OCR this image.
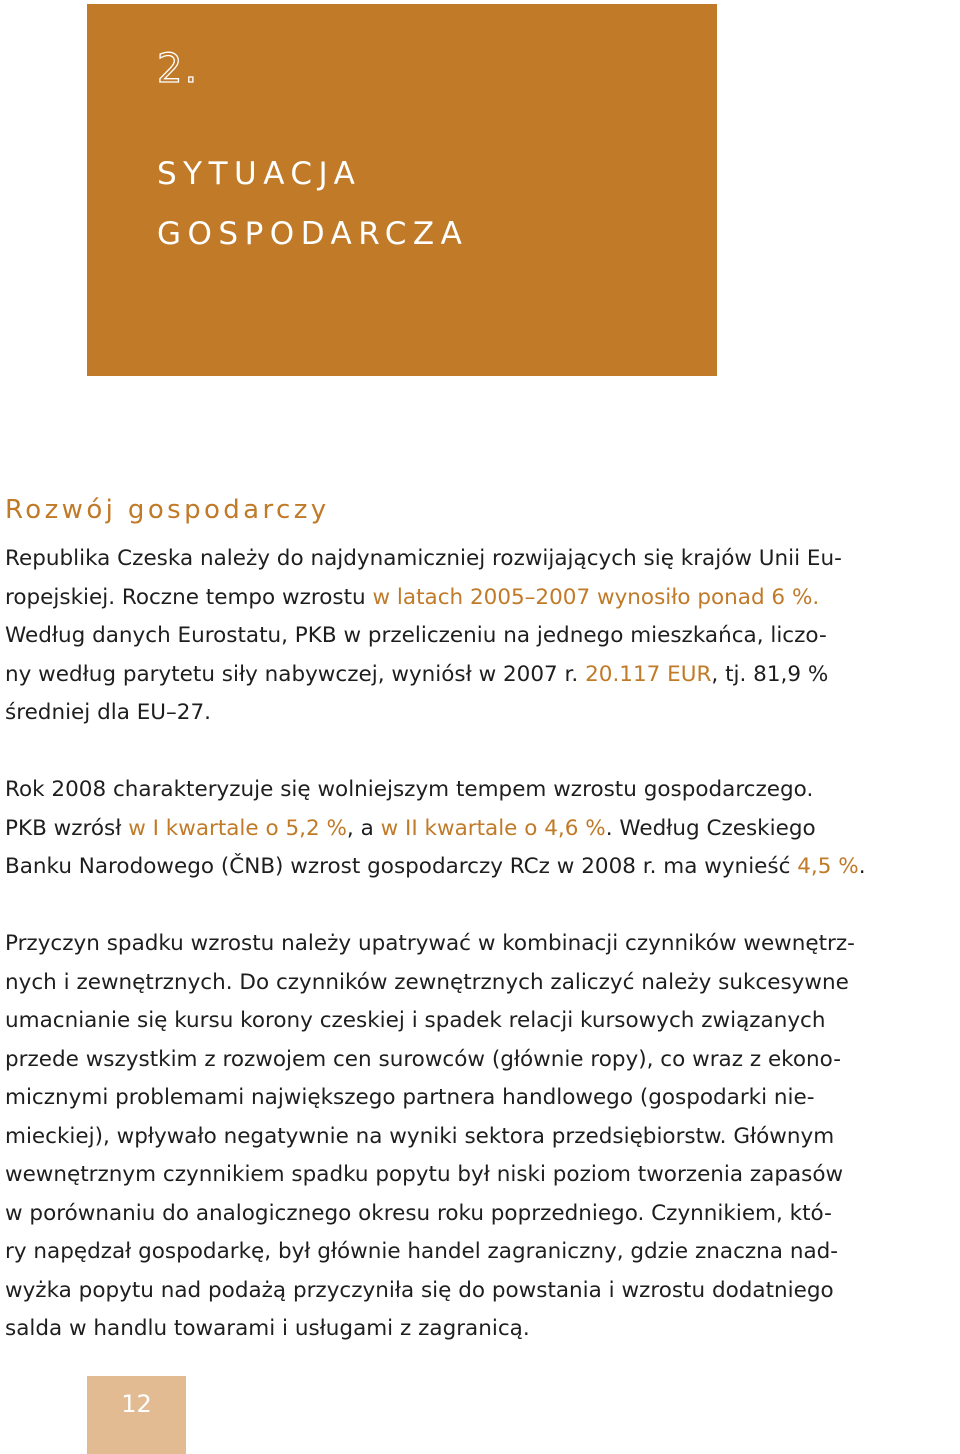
2.
SYTUACJA
GOSPODARCZA
Rozwój gospodarczy

Republika Czeska należy do najdynamiczniej rozwijających się krajów Unii Eu-

ropejskiej. Roczne tempo wzrostu w latach 2005–2007 wynosiło ponad 6 %.

Według danych Eurostatu, PKB w przeliczeniu na jednego mieszkańca, liczo-

ny według parytetu siły nabywczej, wyniósł w 2007 r. 20.117 EUR, tj. 81,9 %

średniej dla EU–27.

Rok 2008 charakteryzuje się wolniejszym tempem wzrostu gospodarczego.

PKB wzrósł w I kwartale o 5,2 %, a w II kwartale o 4,6 %. Według Czeskiego

Banku Narodowego (ČNB) wzrost gospodarczy RCz w 2008 r. ma wynieść 4,5 %.

Przyczyn spadku wzrostu należy upatrywać w kombinacji czynników wewnętrz-

nych i zewnętrznych. Do czynników zewnętrznych zaliczyć należy sukcesywne

umacnianie się kursu korony czeskiej i spadek relacji kursowych związanych

przede wszystkim z rozwojem cen surowców (głównie ropy), co wraz z ekono-

micznymi problemami największego partnera handlowego (gospodarki nie-

mieckiej), wpływało negatywnie na wyniki sektora przedsiębiorstw. Głównym

wewnętrznym czynnikiem spadku popytu był niski poziom tworzenia zapasów

w porównaniu do analogicznego okresu roku poprzedniego. Czynnikiem, któ-

ry napędzał gospodarkę, był głównie handel zagraniczny, gdzie znaczna nad-

wyżka popytu nad podażą przyczyniła się do powstania i wzrostu dodatniego

salda w handlu towarami i usługami z zagranicą.

12
